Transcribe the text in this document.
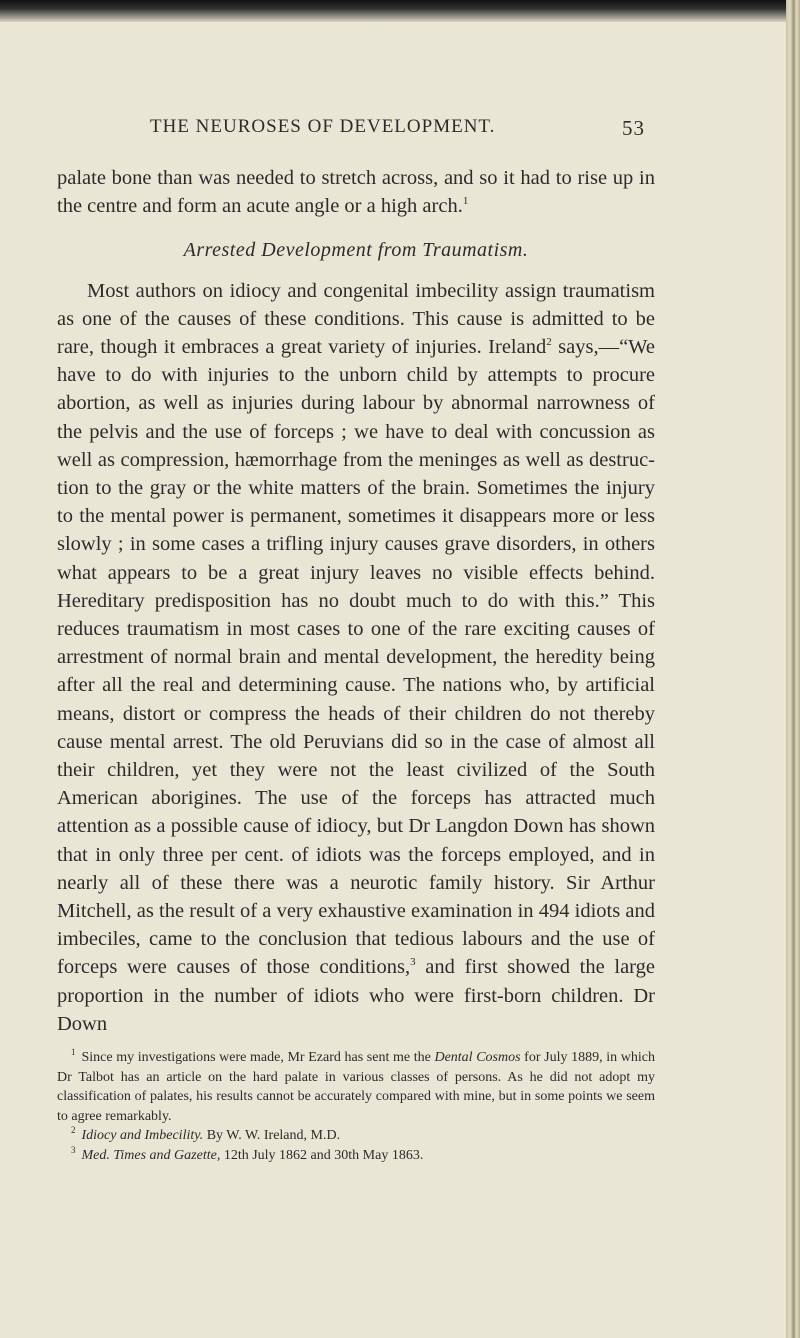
THE NEUROSES OF DEVELOPMENT.	53

palate bone than was needed to stretch across, and so it had to rise up in the centre and form an acute angle or a high arch.$^1$

Arrested Development from Traumatism.

Most authors on idiocy and congenital imbecility assign traumatism as one of the causes of these conditions. This cause is admitted to be rare, though it embraces a great variety of injuries. Ireland$^2$ says,—“We have to do with injuries to the unborn child by attempts to procure abortion, as well as injuries during labour by abnormal narrowness of the pelvis and the use of forceps ; we have to deal with concussion as well as compression, hæmorrhage from the meninges as well as destruction to the gray or the white matters of the brain. Sometimes the injury to the mental power is permanent, sometimes it disappears more or less slowly ; in some cases a trifling injury causes grave disorders, in others what appears to be a great injury leaves no visible effects behind. Hereditary predisposition has no doubt much to do with this.” This reduces traumatism in most cases to one of the rare exciting causes of arrestment of normal brain and mental development, the heredity being after all the real and determining cause. The nations who, by artificial means, distort or compress the heads of their children do not thereby cause mental arrest. The old Peruvians did so in the case of almost all their children, yet they were not the least civilized of the South American aborigines. The use of the forceps has attracted much attention as a possible cause of idiocy, but Dr Langdon Down has shown that in only three per cent. of idiots was the forceps employed, and in nearly all of these there was a neurotic family history. Sir Arthur Mitchell, as the result of a very exhaustive examination in 494 idiots and imbeciles, came to the conclusion that tedious labours and the use of forceps were causes of those conditions,$^3$ and first showed the large proportion in the number of idiots who were first-born children. Dr Down

$^1$ Since my investigations were made, Mr Ezard has sent me the Dental Cosmos for July 1889, in which Dr Talbot has an article on the hard palate in various classes of persons. As he did not adopt my classification of palates, his results cannot be accurately compared with mine, but in some points we seem to agree remarkably.

$^2$ Idiocy and Imbecility. By W. W. Ireland, M.D.

$^3$ Med. Times and Gazette, 12th July 1862 and 30th May 1863.
